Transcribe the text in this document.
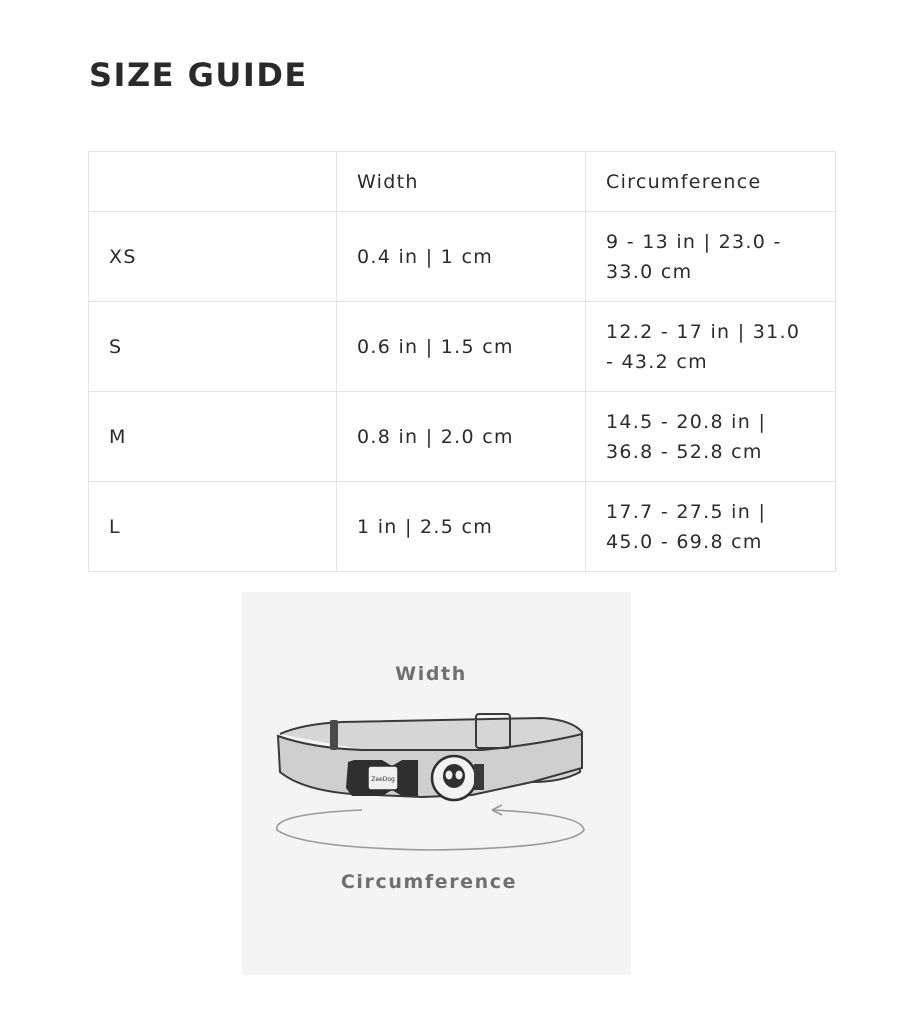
SIZE GUIDE
	Width	Circumference
XS	0.4 in | 1 cm	9 - 13 in | 23.0 - 33.0 cm
S	0.6 in | 1.5 cm	12.2 - 17 in | 31.0 - 43.2 cm
M	0.8 in | 2.0 cm	14.5 - 20.8 in | 36.8 - 52.8 cm
L	1 in | 2.5 cm	17.7 - 27.5 in | 45.0 - 69.8 cm
Width
ZeeDog
Circumference
